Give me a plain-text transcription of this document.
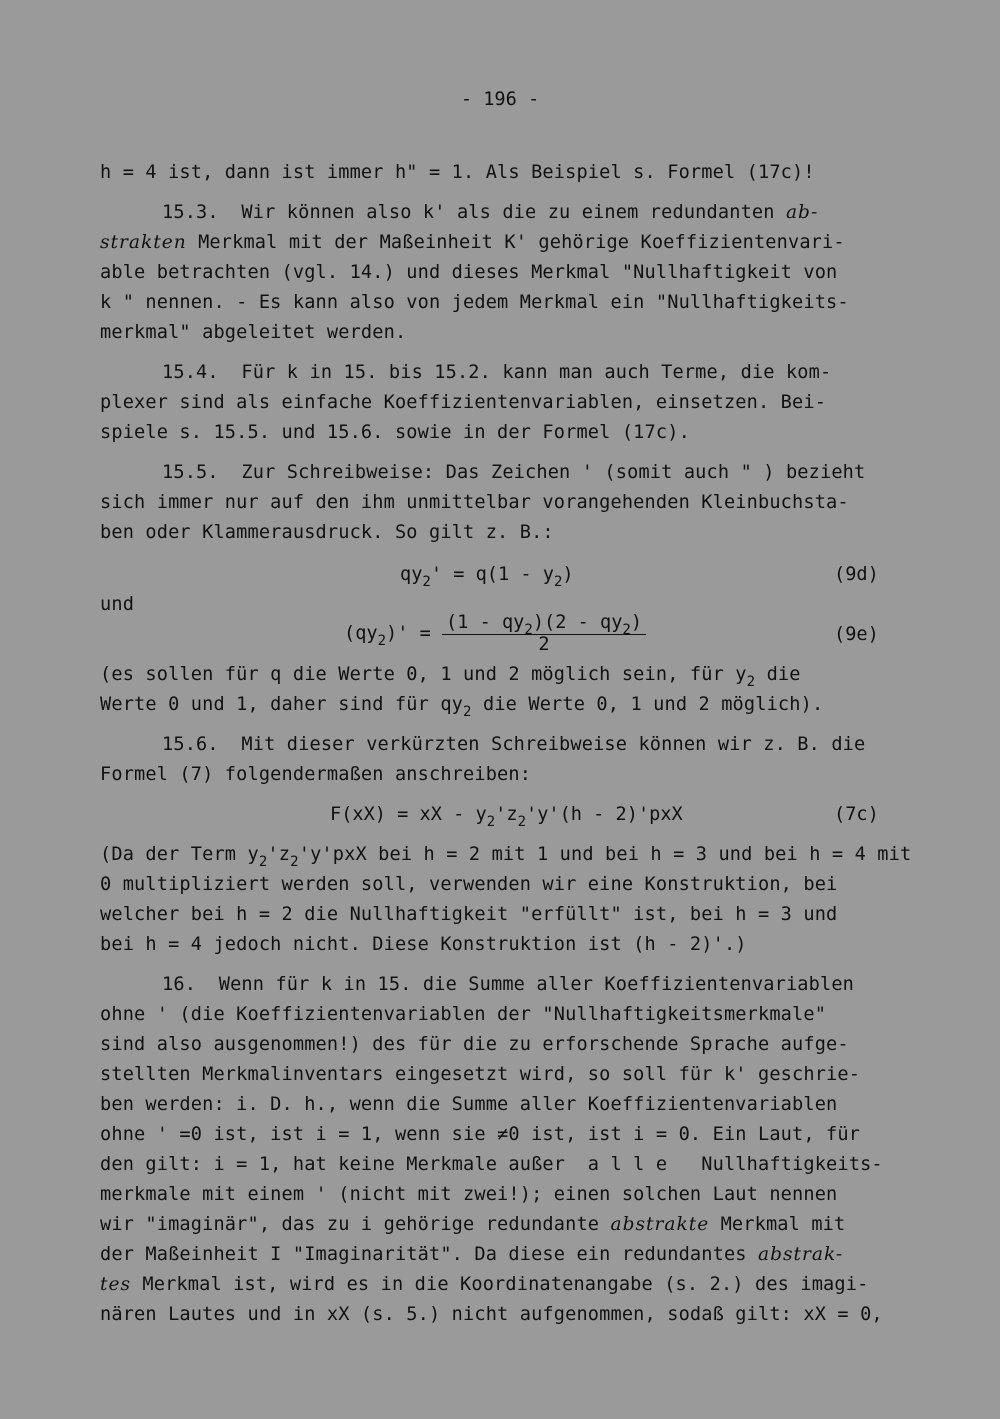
- 196 -
h = 4 ist, dann ist immer h" = 1. Als Beispiel s. Formel (17c)!
15.3.  Wir können also k' als die zu einem redundanten ab-
strakten Merkmal mit der Maßeinheit K' gehörige Koeffizientenvari-
able betrachten (vgl. 14.) und dieses Merkmal "Nullhaftigkeit von
k " nennen. - Es kann also von jedem Merkmal ein "Nullhaftigkeits-
merkmal" abgeleitet werden.
15.4.  Für k in 15. bis 15.2. kann man auch Terme, die kom-
plexer sind als einfache Koeffizientenvariablen, einsetzen. Bei-
spiele s. 15.5. und 15.6. sowie in der Formel (17c).
15.5.  Zur Schreibweise: Das Zeichen ' (somit auch " ) bezieht
sich immer nur auf den ihm unmittelbar vorangehenden Kleinbuchsta-
ben oder Klammerausdruck. So gilt z. B.:
$qy_2' = q(1 - y_2)$	(9d)
und
$(qy_2)' = \frac{(1 - qy_2)(2 - qy_2)}{2}$	(9e)
(es sollen für q die Werte 0, 1 und 2 möglich sein, für $y_2$ die
Werte 0 und 1, daher sind für $qy_2$ die Werte 0, 1 und 2 möglich).
15.6.  Mit dieser verkürzten Schreibweise können wir z. B. die
Formel (7) folgendermaßen anschreiben:
F(xX) = xX - $y_2'z_2'y'(h - 2)'pxX$	(7c)
(Da der Term $y_2'z_2'y'pxX$ bei h = 2 mit 1 und bei h = 3 und bei h = 4 mit
0 multipliziert werden soll, verwenden wir eine Konstruktion, bei
welcher bei h = 2 die Nullhaftigkeit "erfüllt" ist, bei h = 3 und
bei h = 4 jedoch nicht. Diese Konstruktion ist (h - 2)'.)
16.  Wenn für k in 15. die Summe aller Koeffizientenvariablen
ohne ' (die Koeffizientenvariablen der "Nullhaftigkeitsmerkmale"
sind also ausgenommen!) des für die zu erforschende Sprache aufge-
stellten Merkmalinventars eingesetzt wird, so soll für k' geschrie-
ben werden: i. D. h., wenn die Summe aller Koeffizientenvariablen
ohne ' =0 ist, ist i = 1, wenn sie ≠0 ist, ist i = 0. Ein Laut, für
den gilt: i = 1, hat keine Merkmale außer  a l l e   Nullhaftigkeits-
merkmale mit einem ' (nicht mit zwei!); einen solchen Laut nennen
wir "imaginär", das zu i gehörige redundante abstrakte Merkmal mit
der Maßeinheit I "Imaginarität". Da diese ein redundantes abstrak-
tes Merkmal ist, wird es in die Koordinatenangabe (s. 2.) des imagi-
nären Lautes und in xX (s. 5.) nicht aufgenommen, sodaß gilt: xX = 0,
